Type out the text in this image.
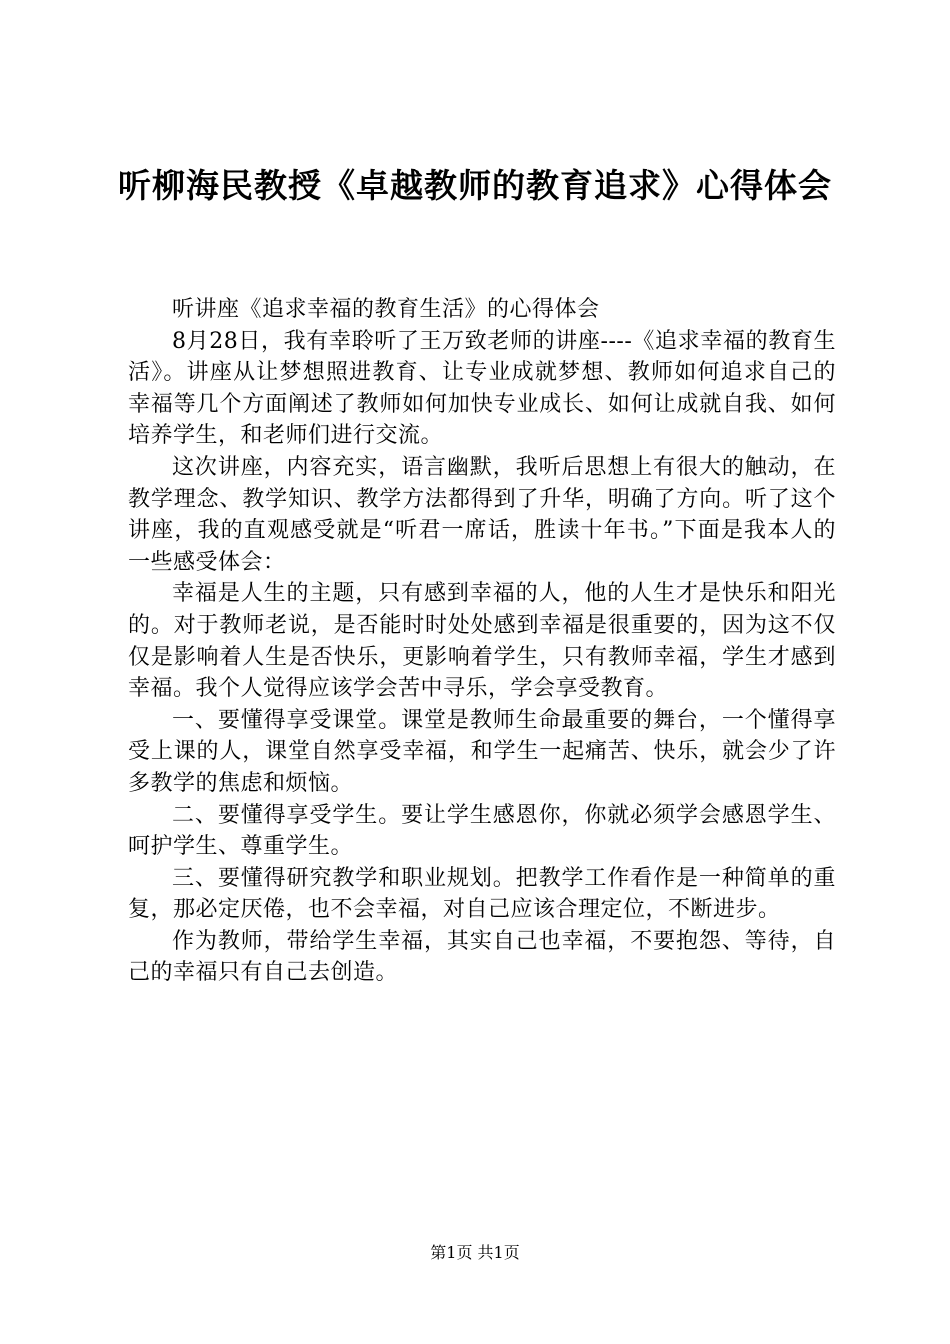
听柳海民教授《卓越教师的教育追求》心得体会

听讲座《追求幸福的教育生活》的心得体会

8月28日，我有幸聆听了王万致老师的讲座----《追求幸福的教育生活》。讲座从让梦想照进教育、让专业成就梦想、教师如何追求自己的幸福等几个方面阐述了教师如何加快专业成长、如何让成就自我、如何培养学生，和老师们进行交流。

这次讲座，内容充实，语言幽默，我听后思想上有很大的触动，在教学理念、教学知识、教学方法都得到了升华，明确了方向。听了这个讲座，我的直观感受就是“听君一席话，胜读十年书。”下面是我本人的一些感受体会：

幸福是人生的主题，只有感到幸福的人，他的人生才是快乐和阳光的。对于教师老说，是否能时时处处感到幸福是很重要的，因为这不仅仅是影响着人生是否快乐，更影响着学生，只有教师幸福，学生才感到幸福。我个人觉得应该学会苦中寻乐，学会享受教育。

一、要懂得享受课堂。课堂是教师生命最重要的舞台，一个懂得享受上课的人，课堂自然享受幸福，和学生一起痛苦、快乐，就会少了许多教学的焦虑和烦恼。

二、要懂得享受学生。要让学生感恩你，你就必须学会感恩学生、呵护学生、尊重学生。

三、要懂得研究教学和职业规划。把教学工作看作是一种简单的重复，那必定厌倦，也不会幸福，对自己应该合理定位，不断进步。

作为教师，带给学生幸福，其实自己也幸福，不要抱怨、等待，自己的幸福只有自己去创造。

第1页 共1页
